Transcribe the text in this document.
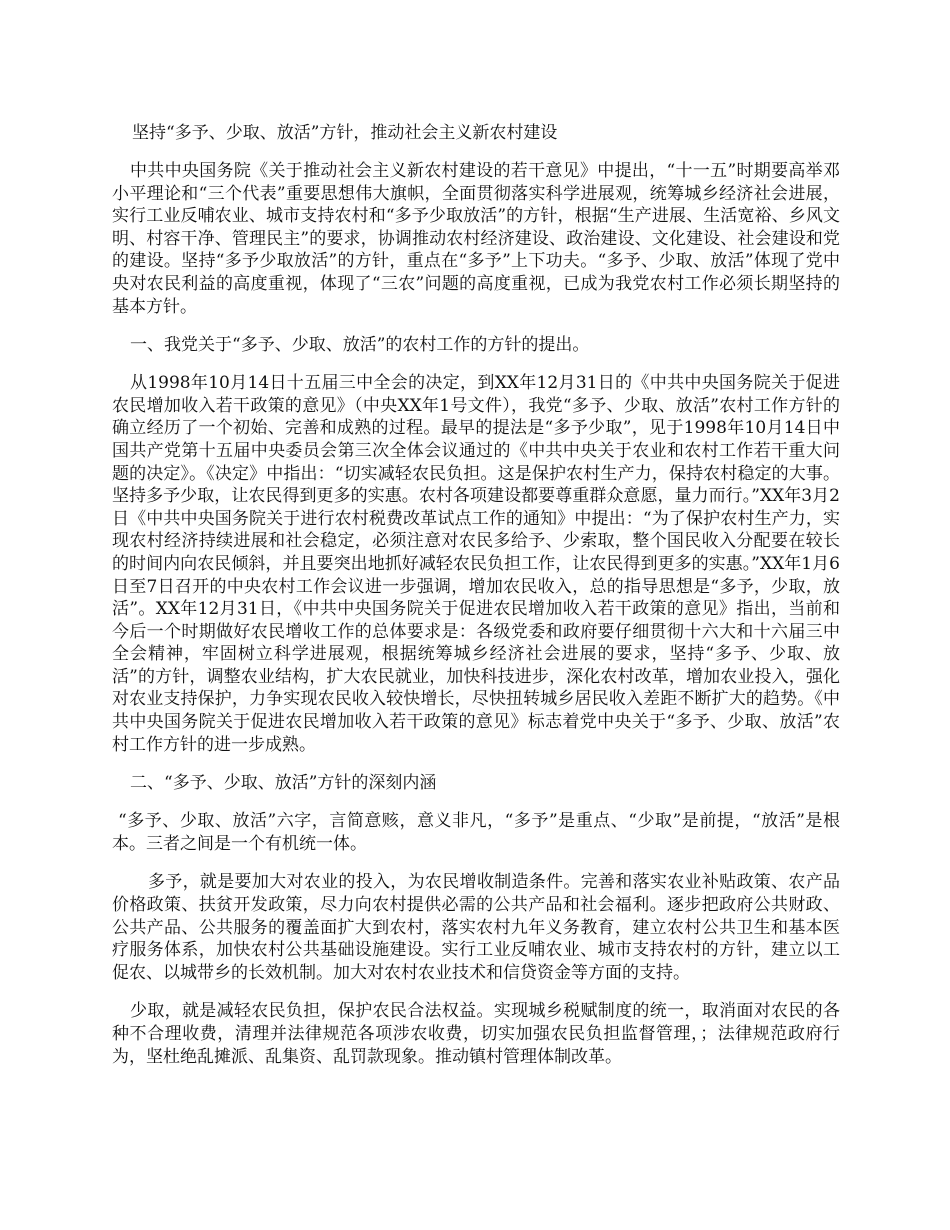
坚持“多予、少取、放活”方针，推动社会主义新农村建设

中共中央国务院《关于推动社会主义新农村建设的若干意见》中提出，“十一五”时期要高举邓小平理论和“三个代表”重要思想伟大旗帜，全面贯彻落实科学进展观，统筹城乡经济社会进展，实行工业反哺农业、城市支持农村和“多予少取放活”的方针，根据“生产进展、生活宽裕、乡风文明、村容干净、管理民主”的要求，协调推动农村经济建设、政治建设、文化建设、社会建设和党的建设。坚持“多予少取放活”的方针，重点在“多予”上下功夫。“多予、少取、放活”体现了党中央对农民利益的高度重视，体现了“三农”问题的高度重视，已成为我党农村工作必须长期坚持的基本方针。

一、我党关于“多予、少取、放活”的农村工作的方针的提出。

从1998年10月14日十五届三中全会的决定，到XX年12月31日的《中共中央国务院关于促进农民增加收入若干政策的意见》（中央XX年1号文件），我党“多予、少取、放活”农村工作方针的确立经历了一个初始、完善和成熟的过程。最早的提法是“多予少取”，见于1998年10月14日中国共产党第十五届中央委员会第三次全体会议通过的《中共中央关于农业和农村工作若干重大问题的决定》。《决定》中指出：“切实减轻农民负担。这是保护农村生产力，保持农村稳定的大事。坚持多予少取，让农民得到更多的实惠。农村各项建设都要尊重群众意愿，量力而行。”XX年3月2日《中共中央国务院关于进行农村税费改革试点工作的通知》中提出：“为了保护农村生产力，实现农村经济持续进展和社会稳定，必须注意对农民多给予、少索取，整个国民收入分配要在较长的时间内向农民倾斜，并且要突出地抓好减轻农民负担工作，让农民得到更多的实惠。”XX年1月6日至7日召开的中央农村工作会议进一步强调，增加农民收入，总的指导思想是“多予，少取，放活”。XX年12月31日，《中共中央国务院关于促进农民增加收入若干政策的意见》指出，当前和今后一个时期做好农民增收工作的总体要求是：各级党委和政府要仔细贯彻十六大和十六届三中全会精神，牢固树立科学进展观，根据统筹城乡经济社会进展的要求，坚持“多予、少取、放活”的方针，调整农业结构，扩大农民就业，加快科技进步，深化农村改革，增加农业投入，强化对农业支持保护，力争实现农民收入较快增长，尽快扭转城乡居民收入差距不断扩大的趋势。《中共中央国务院关于促进农民增加收入若干政策的意见》标志着党中央关于“多予、少取、放活”农村工作方针的进一步成熟。

二、“多予、少取、放活”方针的深刻内涵

“多予、少取、放活”六字，言简意赅，意义非凡，“多予”是重点、“少取”是前提，“放活”是根本。三者之间是一个有机统一体。

多予，就是要加大对农业的投入，为农民增收制造条件。完善和落实农业补贴政策、农产品价格政策、扶贫开发政策，尽力向农村提供必需的公共产品和社会福利。逐步把政府公共财政、公共产品、公共服务的覆盖面扩大到农村，落实农村九年义务教育，建立农村公共卫生和基本医疗服务体系，加快农村公共基础设施建设。实行工业反哺农业、城市支持农村的方针，建立以工促农、以城带乡的长效机制。加大对农村农业技术和信贷资金等方面的支持。

少取，就是减轻农民负担，保护农民合法权益。实现城乡税赋制度的统一，取消面对农民的各种不合理收费，清理并法律规范各项涉农收费，切实加强农民负担监督管理，；法律规范政府行为，坚杜绝乱摊派、乱集资、乱罚款现象。推动镇村管理体制改革。
